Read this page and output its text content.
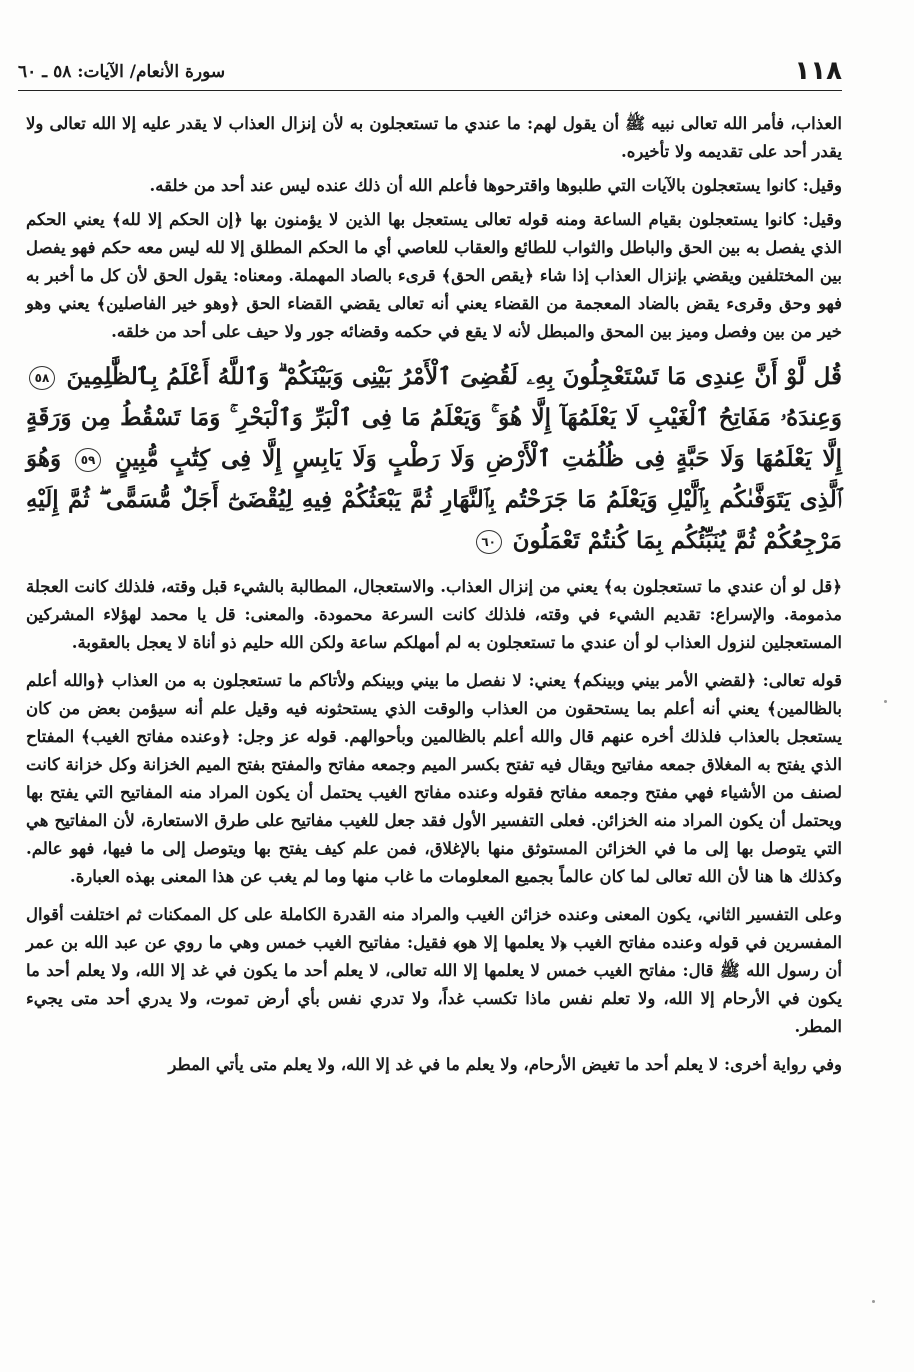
١١٨
سورة الأنعام/ الآيات: ٥٨ ـ ٦٠

العذاب، فأمر الله تعالى نبيه ﷺ أن يقول لهم: ما عندي ما تستعجلون به لأن إنزال العذاب لا يقدر عليه إلا الله تعالى ولا يقدر أحد على تقديمه ولا تأخيره.

وقيل: كانوا يستعجلون بالآيات التي طلبوها واقترحوها فأعلم الله أن ذلك عنده ليس عند أحد من خلقه.

وقيل: كانوا يستعجلون بقيام الساعة ومنه قوله تعالى يستعجل بها الذين لا يؤمنون بها ﴿إن الحكم إلا لله﴾ يعني الحكم الذي يفصل به بين الحق والباطل والثواب للطائع والعقاب للعاصي أي ما الحكم المطلق إلا لله ليس معه حكم فهو يفصل بين المختلفين ويقضي بإنزال العذاب إذا شاء ﴿يقص الحق﴾ قرىء بالصاد المهملة. ومعناه: يقول الحق لأن كل ما أخبر به فهو وحق وقرىء يقض بالضاد المعجمة من القضاء يعني أنه تعالى يقضي القضاء الحق ﴿وهو خير الفاصلين﴾ يعني وهو خير من بين وفصل وميز بين المحق والمبطل لأنه لا يقع في حكمه وقضائه جور ولا حيف على أحد من خلقه.

قُل لَّوْ أَنَّ عِندِى مَا تَسْتَعْجِلُونَ بِهِۦ لَقُضِىَ ٱلْأَمْرُ بَيْنِى وَبَيْنَكُمْ ۗ وَٱللَّهُ أَعْلَمُ بِٱلظَّٰلِمِينَ ٥٨ وَعِندَهُۥ مَفَاتِحُ ٱلْغَيْبِ لَا يَعْلَمُهَآ إِلَّا هُوَ ۚ وَيَعْلَمُ مَا فِى ٱلْبَرِّ وَٱلْبَحْرِ ۚ وَمَا تَسْقُطُ مِن وَرَقَةٍ إِلَّا يَعْلَمُهَا وَلَا حَبَّةٍ فِى ظُلُمَٰتِ ٱلْأَرْضِ وَلَا رَطْبٍ وَلَا يَابِسٍ إِلَّا فِى كِتَٰبٍ مُّبِينٍ ٥٩ وَهُوَ ٱلَّذِى يَتَوَفَّىٰكُم بِٱلَّيْلِ وَيَعْلَمُ مَا جَرَحْتُم بِٱلنَّهَارِ ثُمَّ يَبْعَثُكُمْ فِيهِ لِيُقْضَىٰٓ أَجَلٌ مُّسَمًّى ۖ ثُمَّ إِلَيْهِ مَرْجِعُكُمْ ثُمَّ يُنَبِّئُكُم بِمَا كُنتُمْ تَعْمَلُونَ ٦٠

﴿قل لو أن عندي ما تستعجلون به﴾ يعني من إنزال العذاب. والاستعجال، المطالبة بالشيء قبل وقته، فلذلك كانت العجلة مذمومة. والإسراع: تقديم الشيء في وقته، فلذلك كانت السرعة محمودة. والمعنى: قل يا محمد لهؤلاء المشركين المستعجلين لنزول العذاب لو أن عندي ما تستعجلون به لم أمهلكم ساعة ولكن الله حليم ذو أناة لا يعجل بالعقوبة.

قوله تعالى: ﴿لقضي الأمر بيني وبينكم﴾ يعني: لا نفصل ما بيني وبينكم ولأتاكم ما تستعجلون به من العذاب ﴿والله أعلم بالظالمين﴾ يعني أنه أعلم بما يستحقون من العذاب والوقت الذي يستحثونه فيه وقيل علم أنه سيؤمن بعض من كان يستعجل بالعذاب فلذلك أخره عنهم قال والله أعلم بالظالمين وبأحوالهم. قوله عز وجل: ﴿وعنده مفاتح الغيب﴾ المفتاح الذي يفتح به المغلاق جمعه مفاتيح ويقال فيه تفتح بكسر الميم وجمعه مفاتح والمفتح بفتح الميم الخزانة وكل خزانة كانت لصنف من الأشياء فهي مفتح وجمعه مفاتح فقوله وعنده مفاتح الغيب يحتمل أن يكون المراد منه المفاتيح التي يفتح بها ويحتمل أن يكون المراد منه الخزائن. فعلى التفسير الأول فقد جعل للغيب مفاتيح على طرق الاستعارة، لأن المفاتيح هي التي يتوصل بها إلى ما في الخزائن المستوثق منها بالإغلاق، فمن علم كيف يفتح بها ويتوصل إلى ما فيها، فهو عالم. وكذلك ها هنا لأن الله تعالى لما كان عالماً بجميع المعلومات ما غاب منها وما لم يغب عن هذا المعنى بهذه العبارة.

وعلى التفسير الثاني، يكون المعنى وعنده خزائن الغيب والمراد منه القدرة الكاملة على كل الممكنات ثم اختلفت أقوال المفسرين في قوله وعنده مفاتح الغيب ﴿لا يعلمها إلا هو﴾ فقيل: مفاتيح الغيب خمس وهي ما روي عن عبد الله بن عمر أن رسول الله ﷺ قال: مفاتح الغيب خمس لا يعلمها إلا الله تعالى، لا يعلم أحد ما يكون في غد إلا الله، ولا يعلم أحد ما يكون في الأرحام إلا الله، ولا تعلم نفس ماذا تكسب غداً، ولا تدري نفس بأي أرض تموت، ولا يدري أحد متى يجيء المطر.

وفي رواية أخرى: لا يعلم أحد ما تغيض الأرحام، ولا يعلم ما في غد إلا الله، ولا يعلم متى يأتي المطر
